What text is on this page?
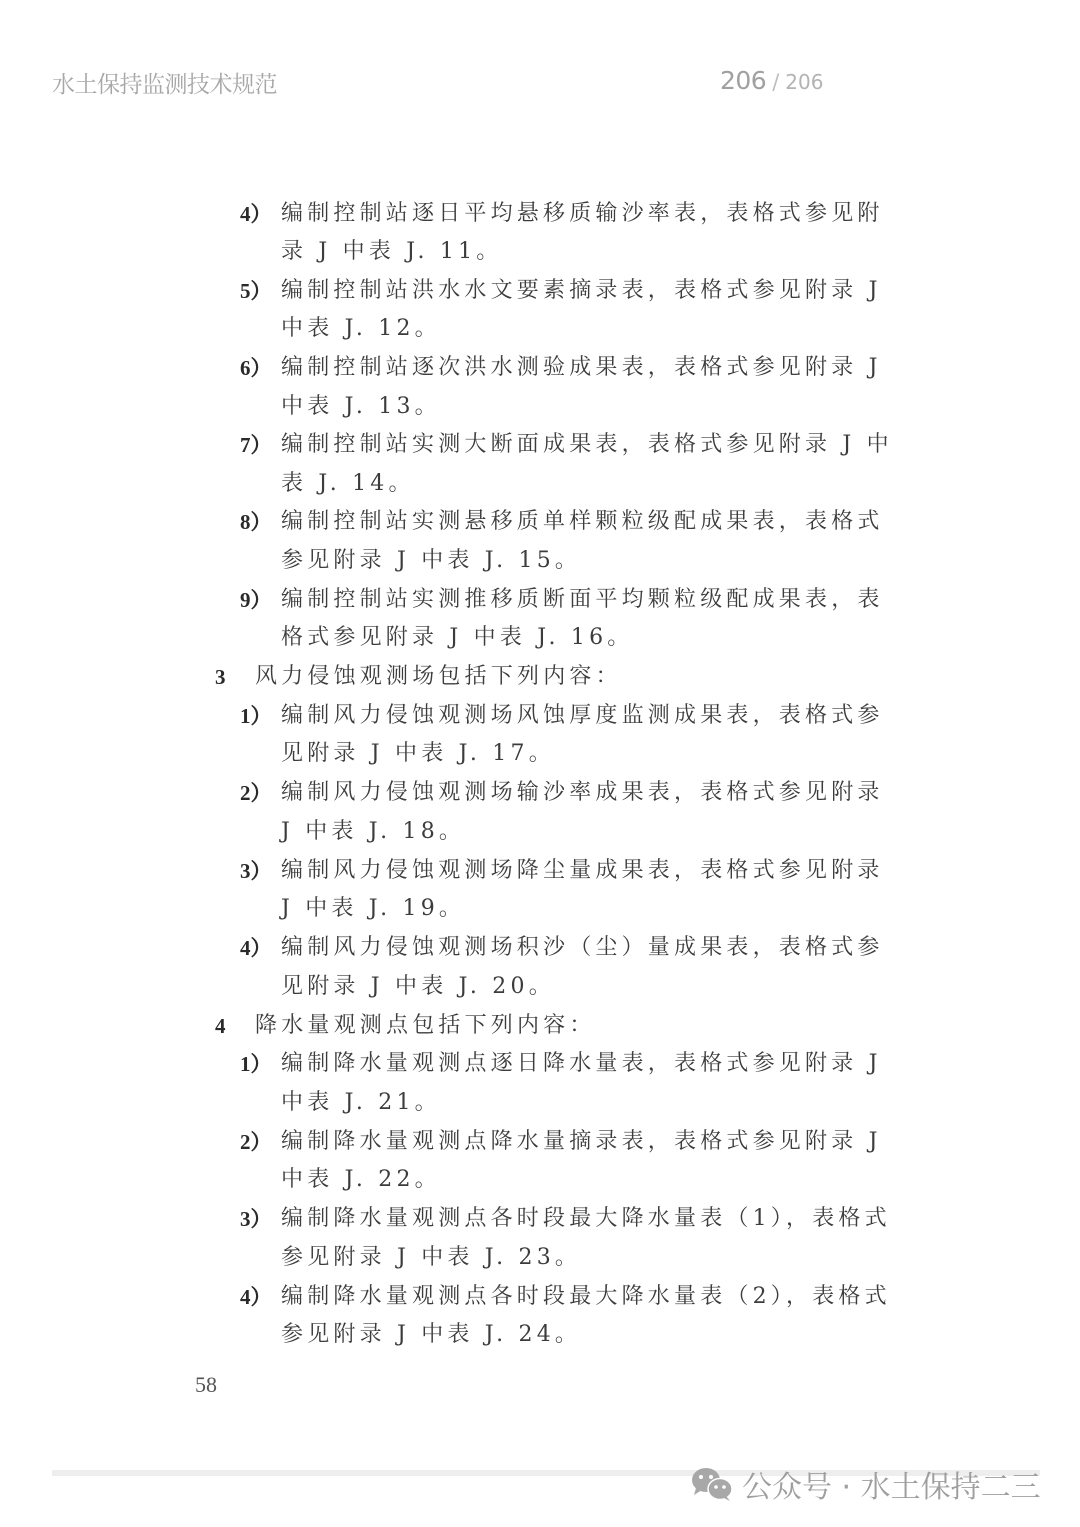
水土保持监测技术规范	206 / 206
4） 编制控制站逐日平均悬移质输沙率表，表格式参见附
录 J 中表 J. 11。
5） 编制控制站洪水水文要素摘录表，表格式参见附录 J
中表 J. 12。
6） 编制控制站逐次洪水测验成果表，表格式参见附录 J
中表 J. 13。
7） 编制控制站实测大断面成果表，表格式参见附录 J 中
表 J. 14。
8） 编制控制站实测悬移质单样颗粒级配成果表，表格式
参见附录 J 中表 J. 15。
9） 编制控制站实测推移质断面平均颗粒级配成果表，表
格式参见附录 J 中表 J. 16。
3 风力侵蚀观测场包括下列内容：
1） 编制风力侵蚀观测场风蚀厚度监测成果表，表格式参
见附录 J 中表 J. 17。
2） 编制风力侵蚀观测场输沙率成果表，表格式参见附录
J 中表 J. 18。
3） 编制风力侵蚀观测场降尘量成果表，表格式参见附录
J 中表 J. 19。
4） 编制风力侵蚀观测场积沙（尘）量成果表，表格式参
见附录 J 中表 J. 20。
4 降水量观测点包括下列内容：
1） 编制降水量观测点逐日降水量表，表格式参见附录 J
中表 J. 21。
2） 编制降水量观测点降水量摘录表，表格式参见附录 J
中表 J. 22。
3） 编制降水量观测点各时段最大降水量表（1），表格式
参见附录 J 中表 J. 23。
4） 编制降水量观测点各时段最大降水量表（2），表格式
参见附录 J 中表 J. 24。
58
公众号 · 水土保持二三
